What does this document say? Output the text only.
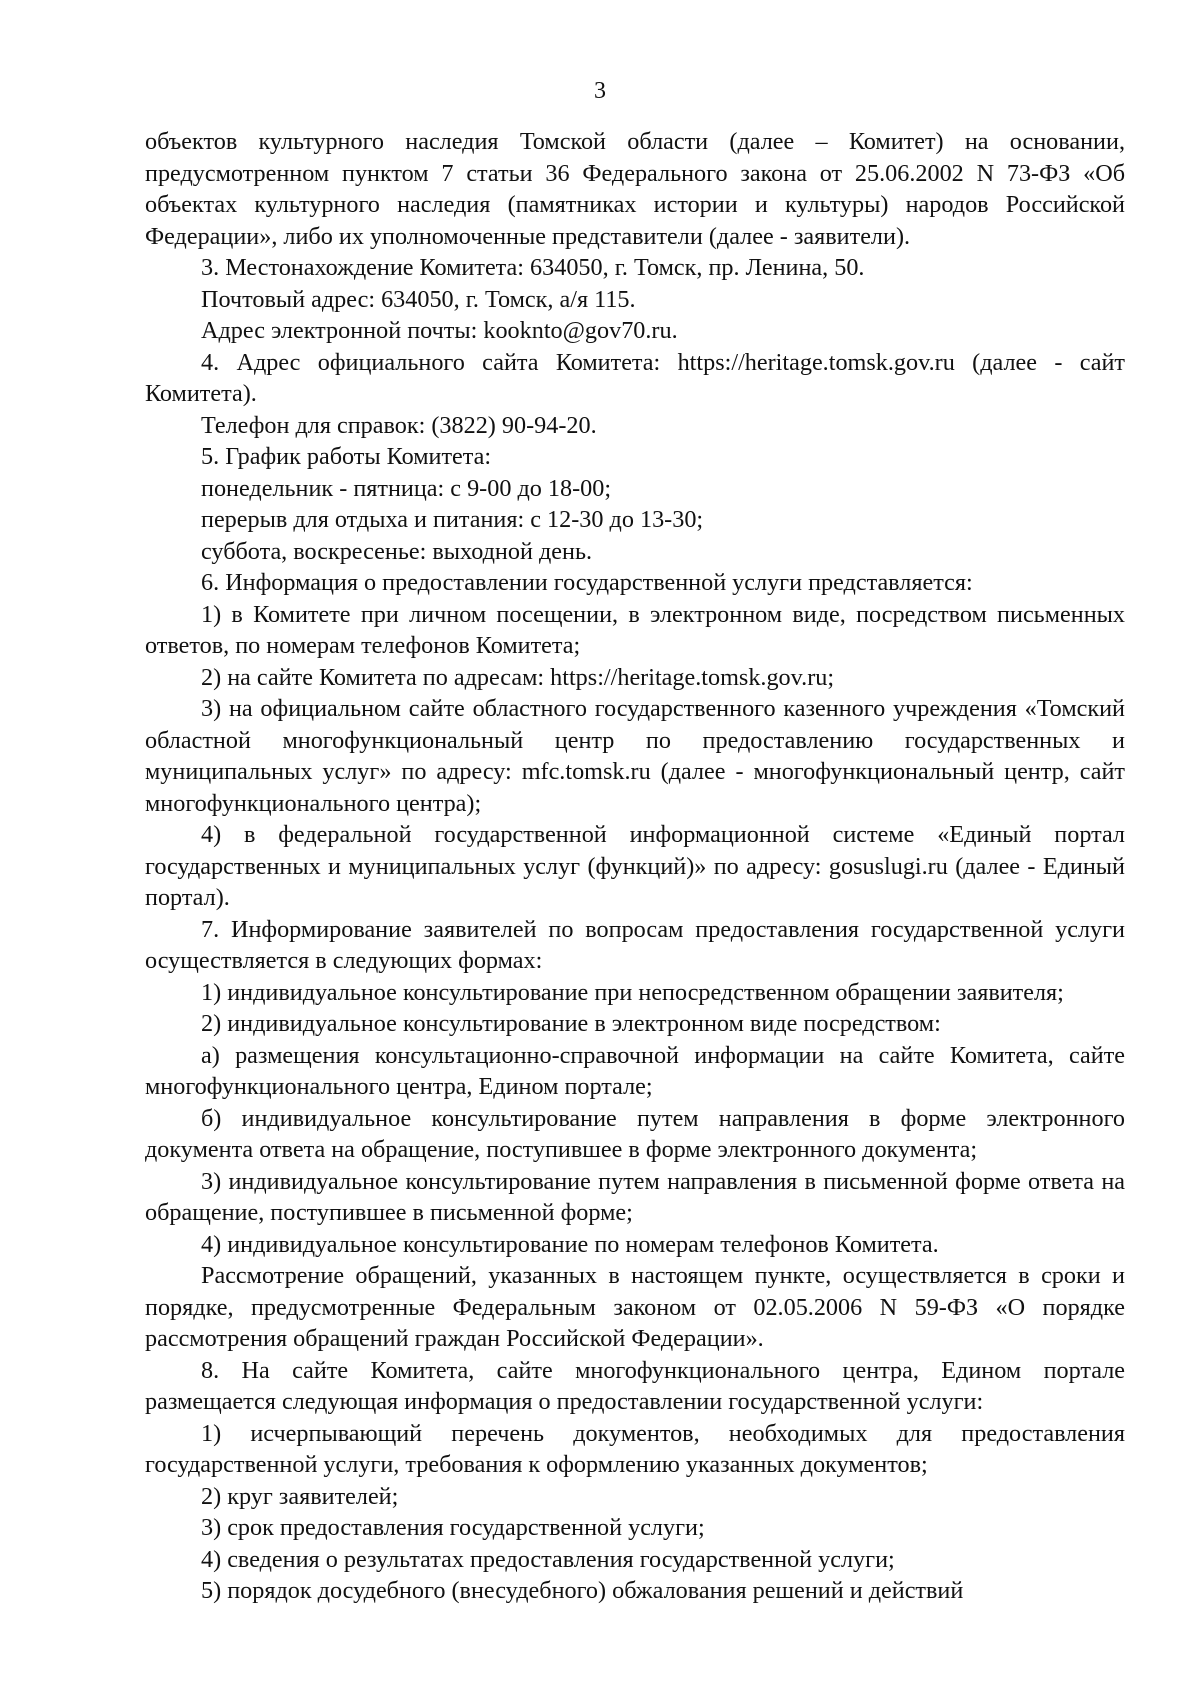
3

объектов культурного наследия Томской области (далее – Комитет) на основании, предусмотренном пунктом 7 статьи 36 Федерального закона от 25.06.2002 N 73-ФЗ «Об объектах культурного наследия (памятниках истории и культуры) народов Российской Федерации», либо их уполномоченные представители (далее - заявители).

3. Местонахождение Комитета: 634050, г. Томск, пр. Ленина, 50.

Почтовый адрес: 634050, г. Томск, а/я 115.

Адрес электронной почты: kooknto@gov70.ru.

4. Адрес официального сайта Комитета: https://heritage.tomsk.gov.ru (далее - сайт Комитета).

Телефон для справок: (3822) 90-94-20.

5. График работы Комитета:

понедельник - пятница: с 9-00 до 18-00;

перерыв для отдыха и питания: с 12-30 до 13-30;

суббота, воскресенье: выходной день.

6. Информация о предоставлении государственной услуги представляется:

1) в Комитете при личном посещении, в электронном виде, посредством письменных ответов, по номерам телефонов Комитета;

2) на сайте Комитета по адресам: https://heritage.tomsk.gov.ru;

3) на официальном сайте областного государственного казенного учреждения «Томский областной многофункциональный центр по предоставлению государственных и муниципальных услуг» по адресу: mfc.tomsk.ru (далее - многофункциональный центр, сайт многофункционального центра);

4) в федеральной государственной информационной системе «Единый портал государственных и муниципальных услуг (функций)» по адресу: gosuslugi.ru (далее - Единый портал).

7. Информирование заявителей по вопросам предоставления государственной услуги осуществляется в следующих формах:

1) индивидуальное консультирование при непосредственном обращении заявителя;

2) индивидуальное консультирование в электронном виде посредством:

а) размещения консультационно-справочной информации на сайте Комитета, сайте многофункционального центра, Едином портале;

б) индивидуальное консультирование путем направления в форме электронного документа ответа на обращение, поступившее в форме электронного документа;

3) индивидуальное консультирование путем направления в письменной форме ответа на обращение, поступившее в письменной форме;

4) индивидуальное консультирование по номерам телефонов Комитета.

Рассмотрение обращений, указанных в настоящем пункте, осуществляется в сроки и порядке, предусмотренные Федеральным законом от 02.05.2006 N 59-ФЗ «О порядке рассмотрения обращений граждан Российской Федерации».

8. На сайте Комитета, сайте многофункционального центра, Едином портале размещается следующая информация о предоставлении государственной услуги:

1) исчерпывающий перечень документов, необходимых для предоставления государственной услуги, требования к оформлению указанных документов;

2) круг заявителей;

3) срок предоставления государственной услуги;

4) сведения о результатах предоставления государственной услуги;

5) порядок досудебного (внесудебного) обжалования решений и действий
